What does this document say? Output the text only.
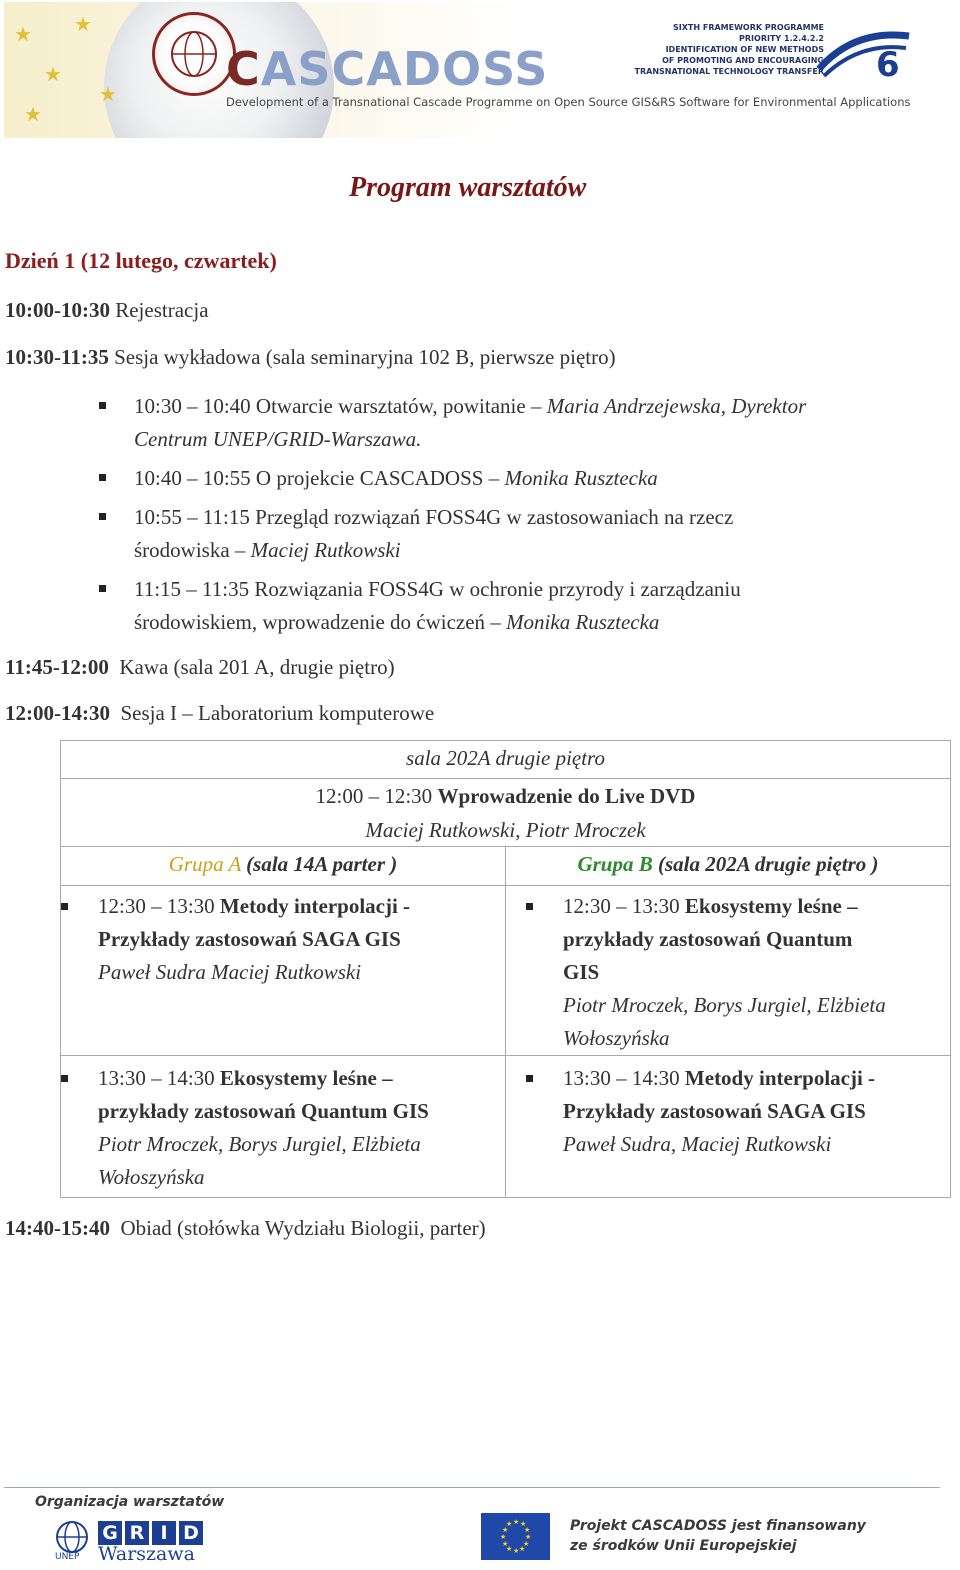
★
★
★
★
★ CASCADOSS
Development of a Transnational Cascade Programme on Open Source GIS&RS Software for Environmental Applications
SIXTH FRAMEWORK PROGRAMME
PRIORITY 1.2.4.2.2
IDENTIFICATION OF NEW METHODS
OF PROMOTING AND ENCOURAGING
TRANSNATIONAL TECHNOLOGY TRANSFER 6
Program warsztatów
Dzień 1 (12 lutego, czwartek)
10:00-10:30 Rejestracja
10:30-11:35 Sesja wykładowa (sala seminaryjna 102 B, pierwsze piętro)
10:30 – 10:40 Otwarcie warsztatów, powitanie – Maria Andrzejewska, Dyrektor
Centrum UNEP/GRID-Warszawa.
10:40 – 10:55 O projekcie CASCADOSS – Monika Rusztecka
10:55 – 11:15 Przegląd rozwiązań FOSS4G w zastosowaniach na rzecz
środowiska – Maciej Rutkowski
11:15 – 11:35 Rozwiązania FOSS4G w ochronie przyrody i zarządzaniu
środowiskiem, wprowadzenie do ćwiczeń – Monika Rusztecka
11:45-12:00 Kawa (sala 201 A, drugie piętro)
12:00-14:30 Sesja I – Laboratorium komputerowe
sala 202A drugie piętro
12:00 – 12:30 Wprowadzenie do Live DVD
Maciej Rutkowski, Piotr Mroczek
Grupa A (sala 14A parter )	Grupa B (sala 202A drugie piętro )
12:30 – 13:30 Metody interpolacji -
Przykłady zastosowań SAGA GIS
Paweł Sudra Maciej Rutkowski
13:30 – 14:30 Ekosystemy leśne –
przykłady zastosowań Quantum GIS
Piotr Mroczek, Borys Jurgiel, Elżbieta
Wołoszyńska
12:30 – 13:30 Ekosystemy leśne –
przykłady zastosowań Quantum
GIS
Piotr Mroczek, Borys Jurgiel, Elżbieta
Wołoszyńska
13:30 – 14:30 Metody interpolacji -
Przykłady zastosowań SAGA GIS
Paweł Sudra, Maciej Rutkowski
14:40-15:40 Obiad (stołówka Wydziału Biologii, parter)
Organizacja warsztatów
UNEP
G R I D
Warszawa
★ ★
★
★
★
★
★
★
★
★
★
★	Projekt CASCADOSS jest finansowany
ze środków Unii Europejskiej
